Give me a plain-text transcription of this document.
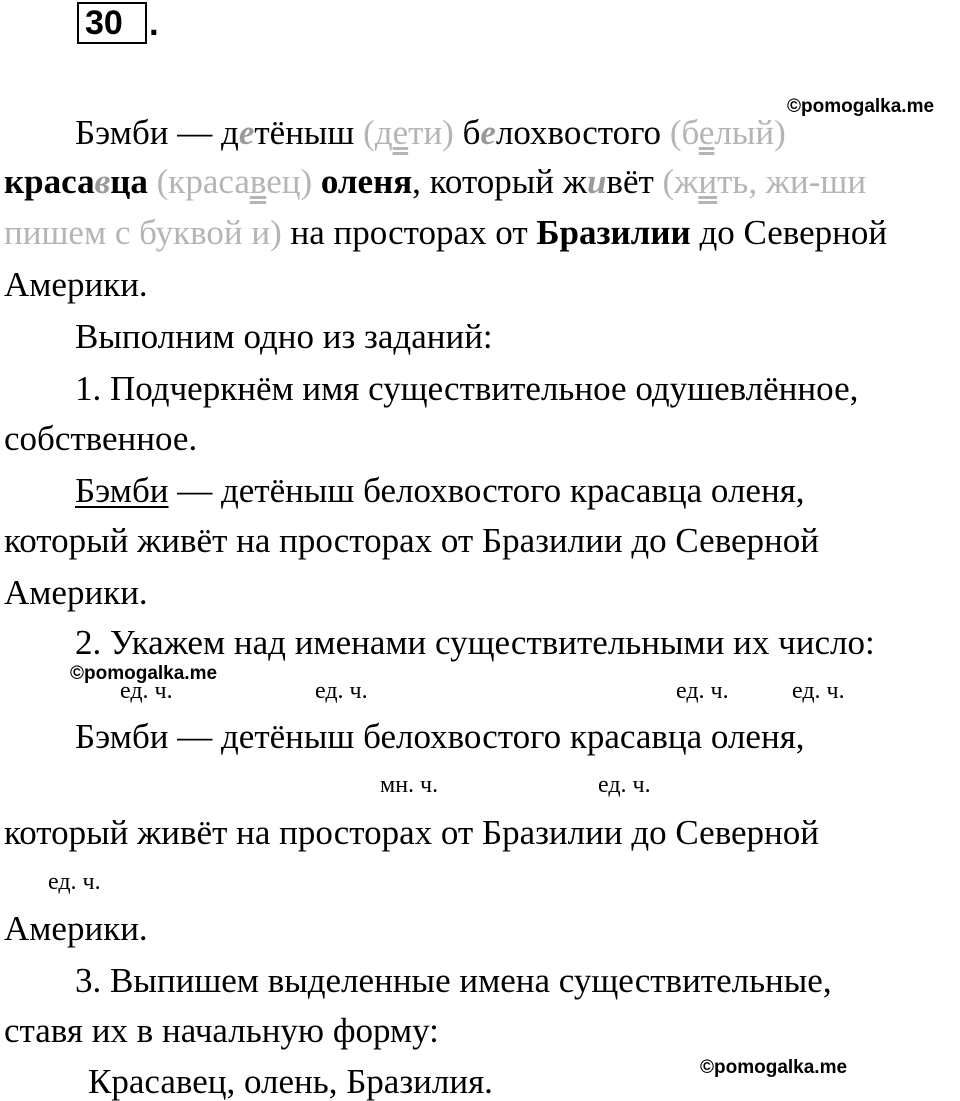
30 .
©pomogalka.me
Бэмби — детёныш (дети) белохвостого (белый)
красавца (красавец) оленя, который живёт (жить, жи-ши
пишем с буквой и) на просторах от Бразилии до Северной
Америки.
Выполним одно из заданий:
1. Подчеркнём имя существительное одушевлённое,
собственное.
Бэмби — детёныш белохвостого красавца оленя,
который живёт на просторах от Бразилии до Северной
Америки.
2. Укажем над именами существительными их число:
©pomogalka.me
ед. ч.	ед. ч.	ед. ч.	ед. ч.
Бэмби — детёныш белохвостого красавца оленя,
мн. ч.	ед. ч.
который живёт на просторах от Бразилии до Северной
ед. ч.
Америки.
3. Выпишем выделенные имена существительные,
ставя их в начальную форму:
©pomogalka.me
Красавец, олень, Бразилия.
